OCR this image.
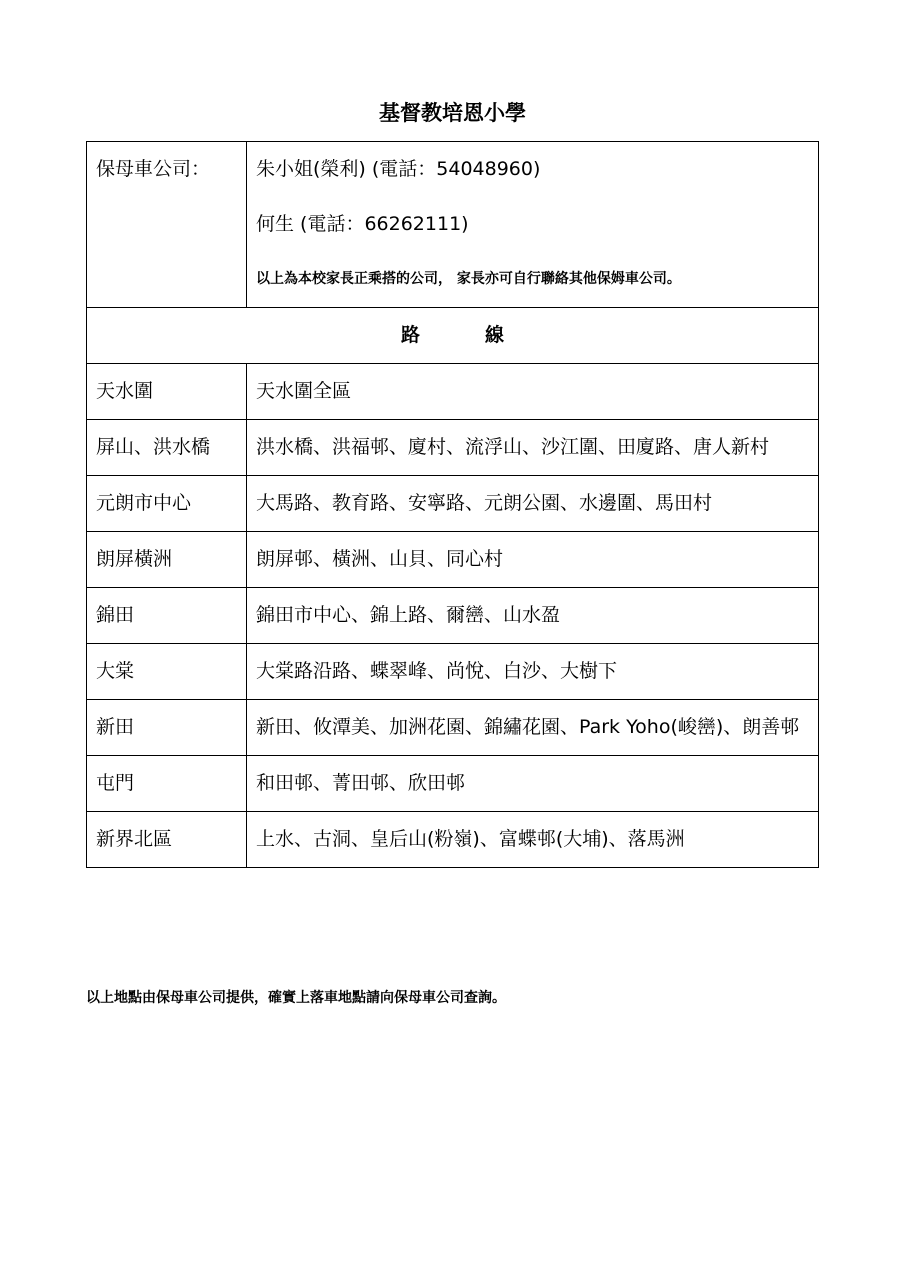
基督教培恩小學
保母車公司：	朱小姐(榮利) (電話：54048960)
何生 (電話：66262111)
以上為本校家長正乘搭的公司， 家長亦可自行聯絡其他保姆車公司。

路 線	
天水圍	天水圍全區
屏山、洪水橋	洪水橋、洪福邨、廈村、流浮山、沙江圍、田廈路、唐人新村
元朗市中心	大馬路、教育路、安寧路、元朗公園、水邊圍、馬田村
朗屏橫洲	朗屏邨、橫洲、山貝、同心村
錦田	錦田市中心、錦上路、爾巒、山水盈
大棠	大棠路沿路、蝶翠峰、尚悅、白沙、大樹下
新田	新田、攸潭美、加洲花園、錦繡花園、Park Yoho(峻巒)、朗善邨
屯門	和田邨、菁田邨、欣田邨
新界北區	上水、古洞、皇后山(粉嶺)、富蝶邨(大埔)、落馬洲
以上地點由保母車公司提供，確實上落車地點請向保母車公司查詢。
